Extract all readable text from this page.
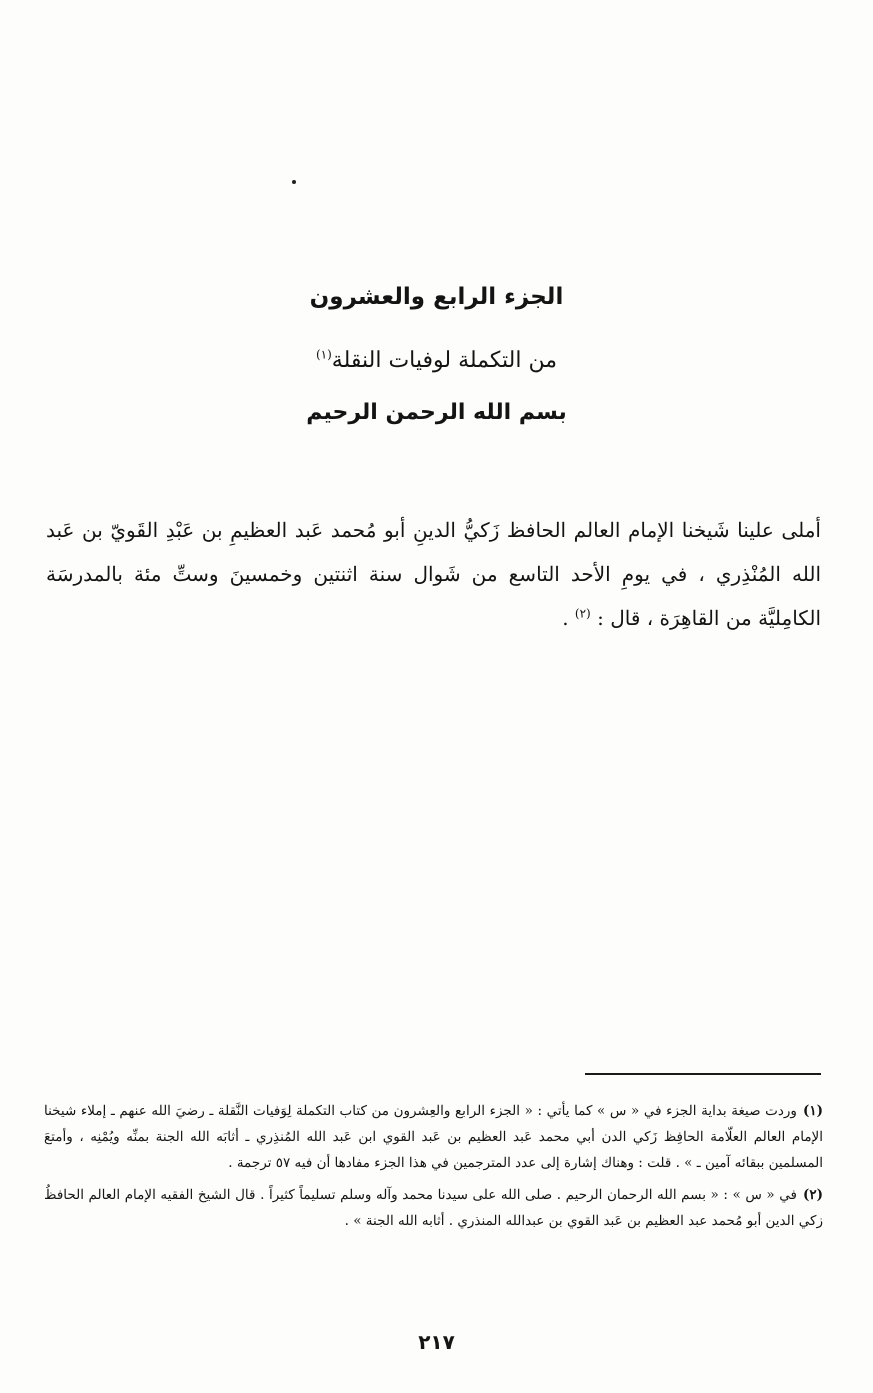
الجزء الرابع والعشرون

من التكملة لوفيات النقلة$^{(١)}$

بسم الله الرحمن الرحيم

أملى علينا شَيخنا الإمام العالم الحافظ زَكيُّ الدينِ أبو مُحمد عَبد العظيمِ بن عَبْدِ القَويّ بن عَبد الله المُنْذِري ، في يومِ الأحد التاسع من شَوال سنة اثنتين وخمسينَ وستِّ مئة بالمدرسَة الكامِليَّة من القاهِرَة ، قال : $^{(٢)}$ .

(١)وردت صيغة بداية الجزء في « س » كما يأتي : « الجزء الرابع والعِشرون من كتاب التكملة لِوَفيات النَّقلة ـ رضيَ الله عنهم ـ إملاء شيخنا الإمام العالم العلّامة الحافِظ زَكي الدن أبي محمد عَبد العظيم بن عَبد القوي ابن عَبد الله المُنذِري ـ أثابَه الله الجنة بمنِّه ويُمْنِه ، وأمتعَ المسلمين ببقائه آمين ـ » . قلت : وهناك إشارة إلى عدد المترجمين في هذا الجزء مفادها أن فيه ٥٧ ترجمة .

(٢)في « س » : « بسم الله الرحمان الرحيم . صلى الله على سيدنا محمد وآله وسلم تسليماً كثيراً . قال الشيخ الفقيه الإمام العالم الحافظُ زكي الدين أبو مُحمد عبد العظيم بن عَبد القوي بن عبدالله المنذري . أثابه الله الجنة » .

٢١٧
